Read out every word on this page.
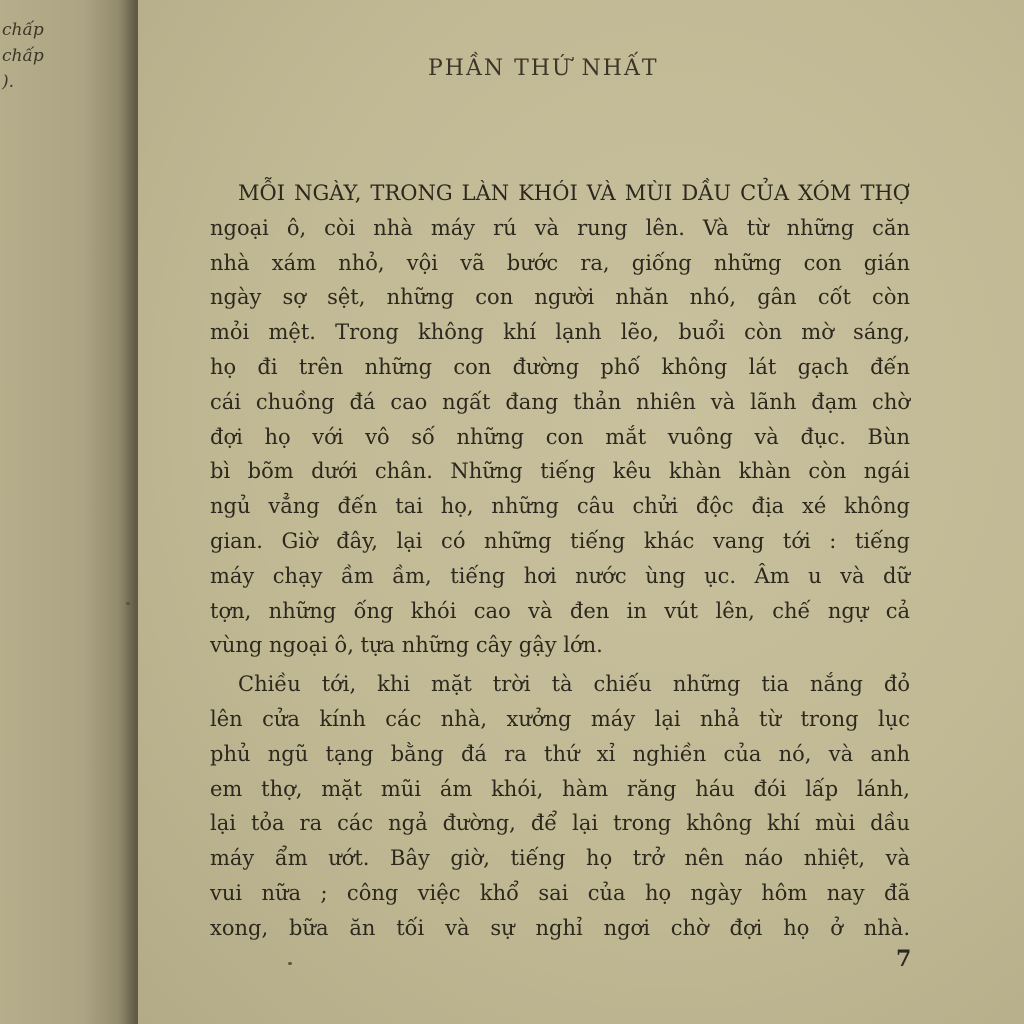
chấp
chấp
).
PHẦN THỨ NHẤT
MỖI NGÀY, TRONG LÀN KHÓI VÀ MÙI DẦU CỦA XÓM THỢ
ngoại ô, còi nhà máy rú và rung lên. Và từ những căn
nhà xám nhỏ, vội vã bước ra, giống những con gián
ngày sợ sệt, những con người nhăn nhó, gân cốt còn
mỏi mệt. Trong không khí lạnh lẽo, buổi còn mờ sáng,
họ đi trên những con đường phố không lát gạch đến
cái chuồng đá cao ngất đang thản nhiên và lãnh đạm chờ
đợi họ với vô số những con mắt vuông và đục. Bùn
bì bõm dưới chân. Những tiếng kêu khàn khàn còn ngái
ngủ vẳng đến tai họ, những câu chửi độc địa xé không
gian. Giờ đây, lại có những tiếng khác vang tới : tiếng
máy chạy ầm ầm, tiếng hơi nước ùng ục. Âm u và dữ
tợn, những ống khói cao và đen in vút lên, chế ngự cả
vùng ngoại ô, tựa những cây gậy lớn.
Chiều tới, khi mặt trời tà chiếu những tia nắng đỏ
lên cửa kính các nhà, xưởng máy lại nhả từ trong lục
phủ ngũ tạng bằng đá ra thứ xỉ nghiền của nó, và anh
em thợ, mặt mũi ám khói, hàm răng háu đói lấp lánh,
lại tỏa ra các ngả đường, để lại trong không khí mùi dầu
máy ẩm ướt. Bây giờ, tiếng họ trở nên náo nhiệt, và
vui nữa ; công việc khổ sai của họ ngày hôm nay đã
xong, bữa ăn tối và sự nghỉ ngơi chờ đợi họ ở nhà.
7
